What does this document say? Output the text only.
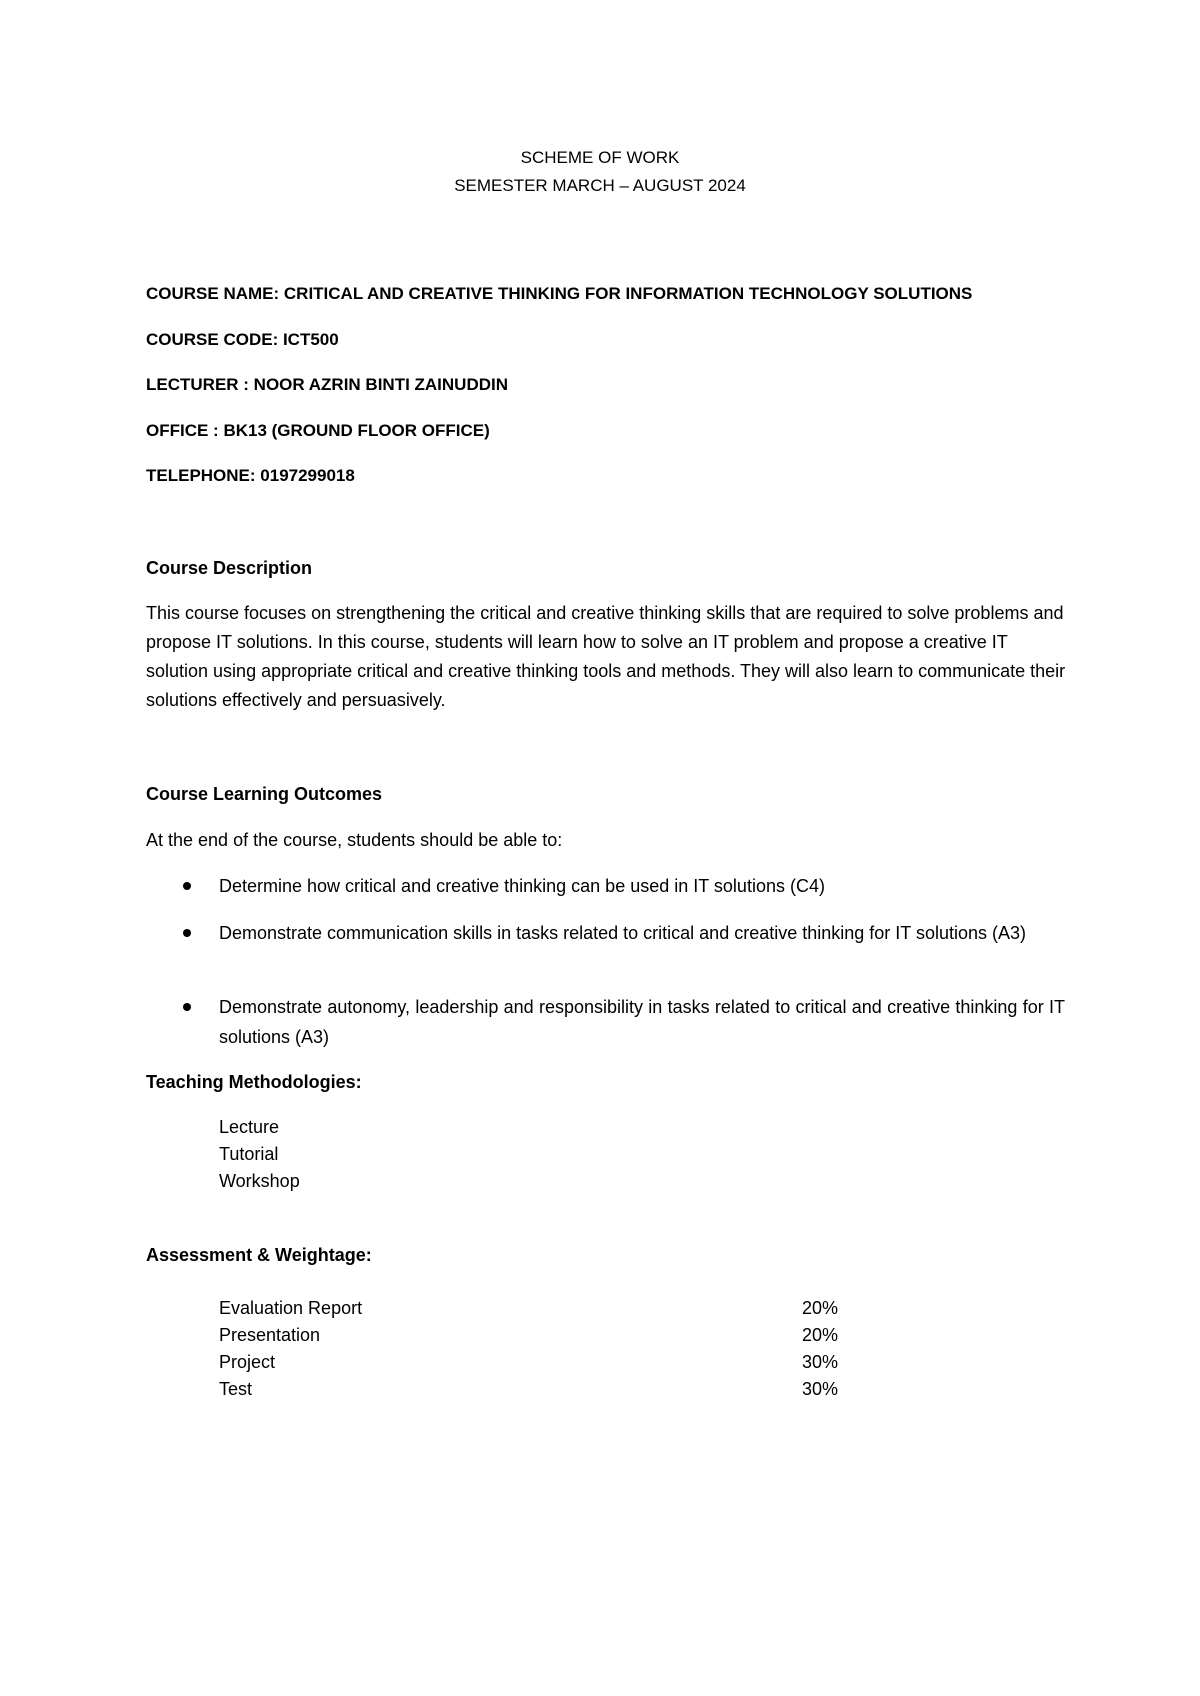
SCHEME OF WORK
SEMESTER MARCH – AUGUST 2024
COURSE NAME: CRITICAL AND CREATIVE THINKING FOR INFORMATION TECHNOLOGY SOLUTIONS
COURSE CODE: ICT500
LECTURER : NOOR AZRIN BINTI ZAINUDDIN
OFFICE : BK13 (GROUND FLOOR OFFICE)
TELEPHONE: 0197299018
Course Description

This course focuses on strengthening the critical and creative thinking skills that are required to solve problems and propose IT solutions. In this course, students will learn how to solve an IT problem and propose a creative IT solution using appropriate critical and creative thinking tools and methods. They will also learn to communicate their solutions effectively and persuasively.

Course Learning Outcomes
At the end of the course, students should be able to:
Determine how critical and creative thinking can be used in IT solutions (C4)
Demonstrate communication skills in tasks related to critical and creative thinking for IT solutions (A3)
Demonstrate autonomy, leadership and responsibility in tasks related to critical and creative thinking for IT solutions (A3)
Teaching Methodologies:
Lecture
Tutorial
Workshop
Assessment & Weightage:
Evaluation Report	20%
Presentation	20%
Project	30%
Test	30%
